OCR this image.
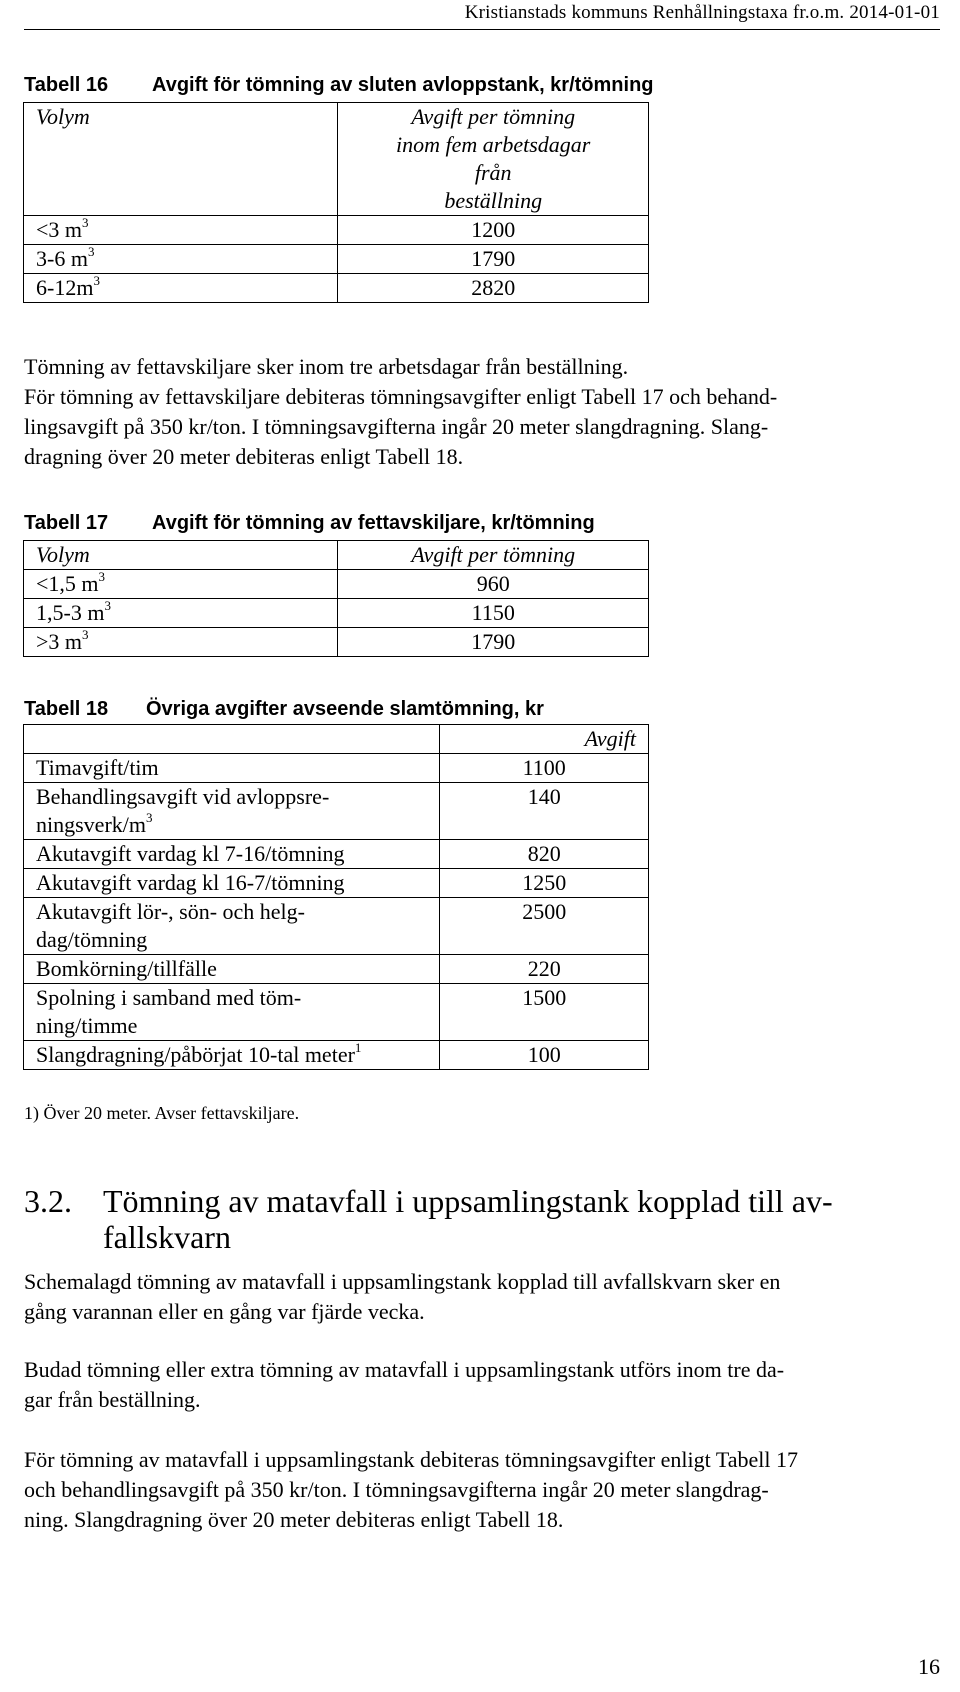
Kristianstads kommuns Renhållningstaxa fr.o.m. 2014-01-01
Tabell 16 Avgift för tömning av sluten avloppstank, kr/tömning
Volym	Avgift per tömning
inom fem arbetsdagar
från
beställning

<3 $m^3$	1200
3-6 $m^3$	1790
$6-12m^3$	2820
Tömning av fettavskiljare sker inom tre arbetsdagar från beställning.
För tömning av fettavskiljare debiteras tömningsavgifter enligt Tabell 17 och behand-
lingsavgift på 350 kr/ton. I tömningsavgifterna ingår 20 meter slangdragning. Slang-
dragning över 20 meter debiteras enligt Tabell 18.
Tabell 17 Avgift för tömning av fettavskiljare, kr/tömning
Volym	Avgift per tömning
<1,5 $m^3$	960
1,5-3 $m^3$	1150
>3 $m^3$	1790
Tabell 18 Övriga avgifter avseende slamtömning, kr
	Avgift
Timavgift/tim	1100

Behandlingsavgift vid avloppsre-
ningsverk/$m^3$	140
Akutavgift vardag kl 7-16/tömning	820
Akutavgift vardag kl 16-7/tömning	1250

Akutavgift lör-, sön- och helg-
dag/tömning	2500
Bomkörning/tillfälle	220

Spolning i samband med töm-
ning/timme	1500
Slangdragning/påbörjat 10-tal meter$^1$	100
1) Över 20 meter. Avser fettavskiljare.
3.2. Tömning av matavfall i uppsamlingstank kopplad till av-
fallskvarn
Schemalagd tömning av matavfall i uppsamlingstank kopplad till avfallskvarn sker en
gång varannan eller en gång var fjärde vecka.
Budad tömning eller extra tömning av matavfall i uppsamlingstank utförs inom tre da-
gar från beställning.
För tömning av matavfall i uppsamlingstank debiteras tömningsavgifter enligt Tabell 17
och behandlingsavgift på 350 kr/ton. I tömningsavgifterna ingår 20 meter slangdrag-
ning. Slangdragning över 20 meter debiteras enligt Tabell 18.
16
